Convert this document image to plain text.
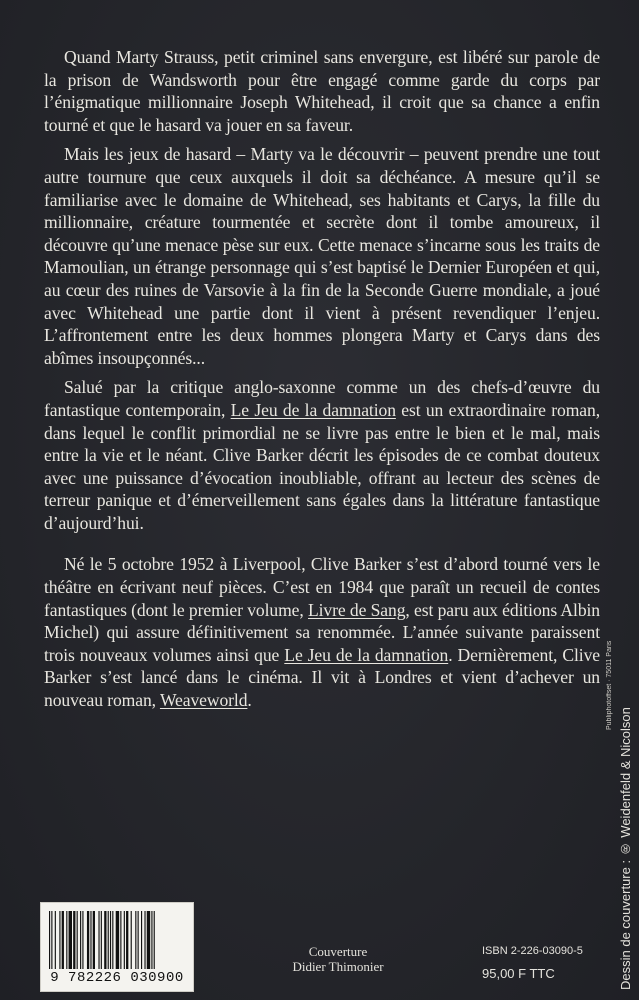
Quand Marty Strauss, petit criminel sans envergure, est libéré sur parole de la prison de Wandsworth pour être engagé comme garde du corps par l’énigmatique millionnaire Joseph Whitehead, il croit que sa chance a enfin tourné et que le hasard va jouer en sa faveur.

Mais les jeux de hasard – Marty va le découvrir – peuvent prendre une tout autre tournure que ceux auxquels il doit sa déchéance. A mesure qu’il se familiarise avec le domaine de Whitehead, ses habitants et Carys, la fille du millionnaire, créature tourmentée et secrète dont il tombe amoureux, il découvre qu’une menace pèse sur eux. Cette menace s’incarne sous les traits de Mamoulian, un étrange personnage qui s’est baptisé le Dernier Européen et qui, au cœur des ruines de Varsovie à la fin de la Seconde Guerre mondiale, a joué avec Whitehead une partie dont il vient à présent revendiquer l’enjeu. L’affrontement entre les deux hommes plongera Marty et Carys dans des abîmes insoupçonnés...

Salué par la critique anglo-saxonne comme un des chefs-d’œuvre du fantastique contemporain, Le Jeu de la damnation est un extraordinaire roman, dans lequel le conflit primordial ne se livre pas entre le bien et le mal, mais entre la vie et le néant. Clive Barker décrit les épisodes de ce combat douteux avec une puissance d’évocation inoubliable, offrant au lecteur des scènes de terreur panique et d’émerveillement sans égales dans la littérature fantastique d’aujourd’hui.

Né le 5 octobre 1952 à Liverpool, Clive Barker s’est d’abord tourné vers le théâtre en écrivant neuf pièces. C’est en 1984 que paraît un recueil de contes fantastiques (dont le premier volume, Livre de Sang, est paru aux éditions Albin Michel) qui assure définitivement sa renommée. L’année suivante paraissent trois nouveaux volumes ainsi que Le Jeu de la damnation. Dernièrement, Clive Barker s’est lancé dans le cinéma. Il vit à Londres et vient d’achever un nouveau roman, Weaveworld.	Publiphotoffset · 75011 Paris
Dessin de couverture : ® Weidenfeld & Nicolson
9 782226 030900
Couverture
Didier Thimonier
ISBN 2-226-03090-5
95,00 F TTC
